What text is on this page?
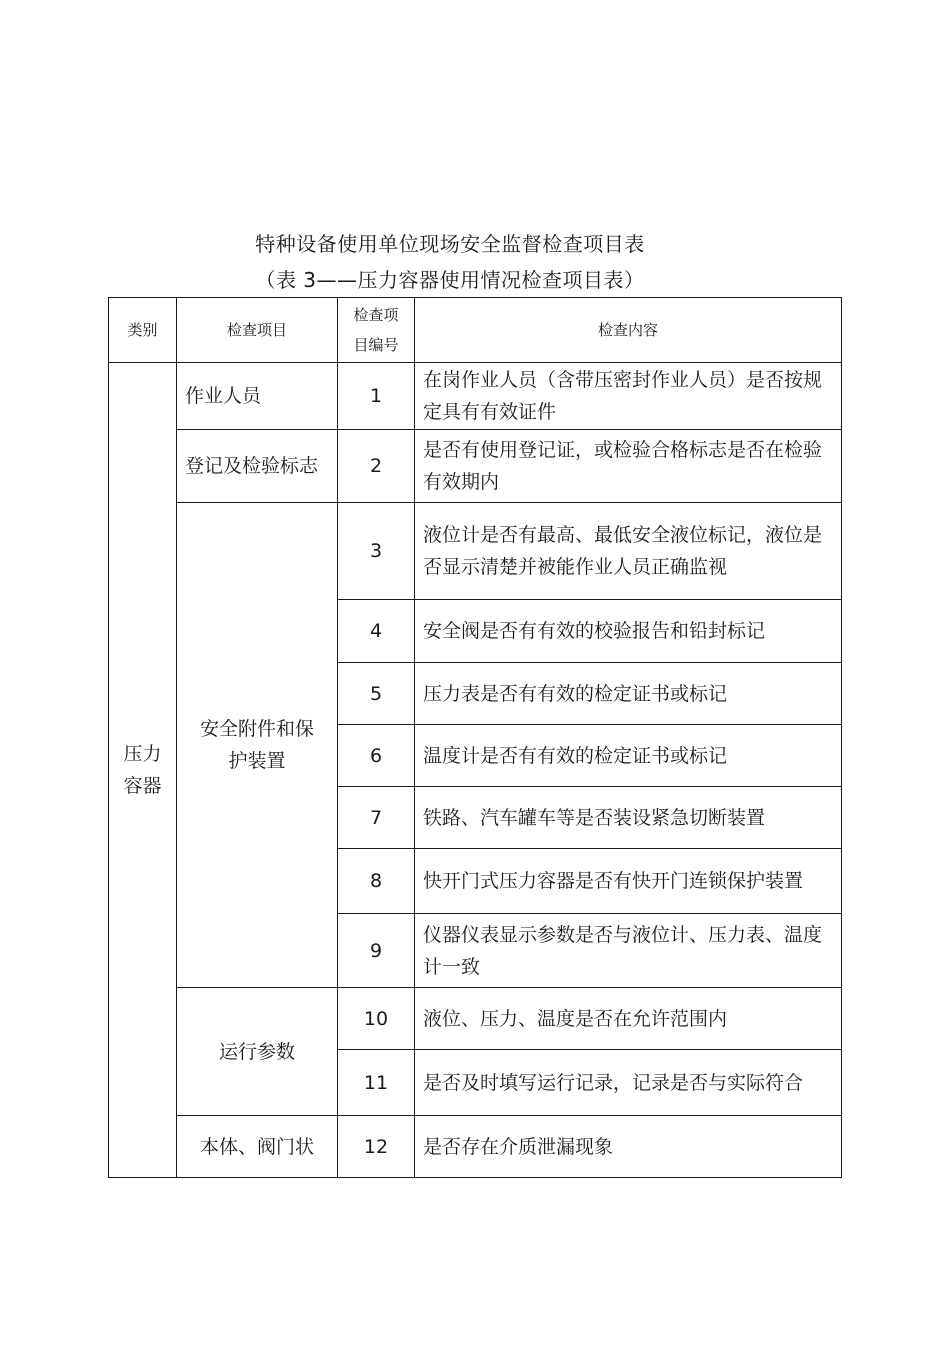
特种设备使用单位现场安全监督检查项目表
（表 3——压力容器使用情况检查项目表）
类别	检查项目	检查项目编号	检查内容
压力容器	作业人员	1	在岗作业人员（含带压密封作业人员）是否按规定具有有效证件
	登记及检验标志	2	是否有使用登记证，或检验合格标志是否在检验有效期内
	安全附件和保护装置	3	液位计是否有最高、最低安全液位标记，液位是否显示清楚并被能作业人员正确监视
		4	安全阀是否有有效的校验报告和铅封标记
		5	压力表是否有有效的检定证书或标记
		6	温度计是否有有效的检定证书或标记
		7	铁路、汽车罐车等是否装设紧急切断装置
		8	快开门式压力容器是否有快开门连锁保护装置
		9	仪器仪表显示参数是否与液位计、压力表、温度计一致
	运行参数	10	液位、压力、温度是否在允许范围内
		11	是否及时填写运行记录，记录是否与实际符合
	本体、阀门状	12	是否存在介质泄漏现象
